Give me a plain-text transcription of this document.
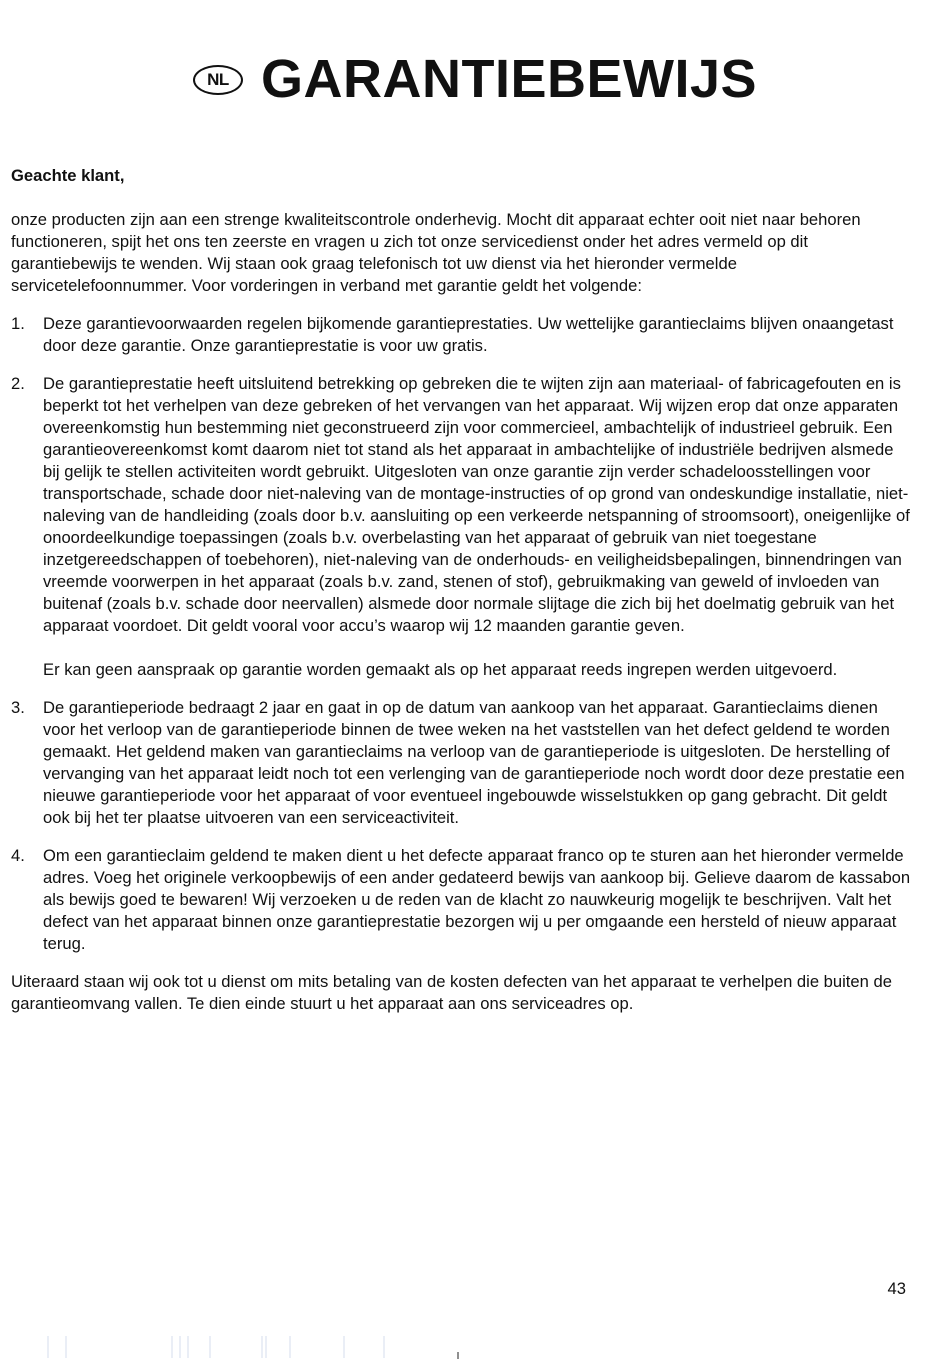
NL GARANTIEBEWIJS

Geachte klant,

onze producten zijn aan een strenge kwaliteitscontrole onderhevig. Mocht dit apparaat echter ooit niet naar behoren functioneren, spijt het ons ten zeerste en vragen u zich tot onze servicedienst onder het adres vermeld op dit garantiebewijs te wenden. Wij staan ook graag telefonisch tot uw dienst via het hieronder vermelde servicetelefoonnummer. Voor vorderingen in verband met garantie geldt het volgende:

1.	Deze garantievoorwaarden regelen bijkomende garantieprestaties. Uw wettelijke garantieclaims blijven onaangetast door deze garantie. Onze garantieprestatie is voor uw gratis.

2.	De garantieprestatie heeft uitsluitend betrekking op gebreken die te wijten zijn aan materiaal- of fabricagefouten en is beperkt tot het verhelpen van deze gebreken of het vervangen van het apparaat. Wij wijzen erop dat onze apparaten overeenkomstig hun bestemming niet geconstrueerd zijn voor commercieel, ambachtelijk of industrieel gebruik. Een garantieovereenkomst komt daarom niet tot stand als het apparaat in ambachtelijke of industriële bedrijven alsmede bij gelijk te stellen activiteiten wordt gebruikt. Uitgesloten van onze garantie zijn verder schadeloosstellingen voor transportschade, schade door niet-naleving van de montage-instructies of op grond van ondeskundige installatie, niet-naleving van de handleiding (zoals door b.v. aansluiting op een verkeerde netspanning of stroomsoort), oneigenlijke of onoordeelkundige toepassingen (zoals b.v. overbelasting van het apparaat of gebruik van niet toegestane inzetgereedschappen of toebehoren), niet-naleving van de onderhouds- en veiligheidsbepalingen, binnendringen van vreemde voorwerpen in het apparaat (zoals b.v. zand, stenen of stof), gebruikmaking van geweld of invloeden van buitenaf (zoals b.v. schade door neervallen) alsmede door normale slijtage die zich bij het doelmatig gebruik van het apparaat voordoet. Dit geldt vooral voor accu’s waarop wij 12 maanden garantie geven.

Er kan geen aanspraak op garantie worden gemaakt als op het apparaat reeds ingrepen werden uitgevoerd.

3.	De garantieperiode bedraagt 2 jaar en gaat in op de datum van aankoop van het apparaat. Garantieclaims dienen voor het verloop van de garantieperiode binnen de twee weken na het vaststellen van het defect geldend te worden gemaakt. Het geldend maken van garantieclaims na verloop van de garantieperiode is uitgesloten. De herstelling of vervanging van het apparaat leidt noch tot een verlenging van de garantieperiode noch wordt door deze prestatie een nieuwe garantieperiode voor het apparaat of voor eventueel ingebouwde wisselstukken op gang gebracht. Dit geldt ook bij het ter plaatse uitvoeren van een serviceactiviteit.

4.	Om een garantieclaim geldend te maken dient u het defecte apparaat franco op te sturen aan het hieronder vermelde adres. Voeg het originele verkoopbewijs of een ander gedateerd bewijs van aankoop bij. Gelieve daarom de kassabon als bewijs goed te bewaren! Wij verzoeken u de reden van de klacht zo nauwkeurig mogelijk te beschrijven. Valt het defect van het apparaat binnen onze garantieprestatie bezorgen wij u per omgaande een hersteld of nieuw apparaat terug.

Uiteraard staan wij ook tot u dienst om mits betaling van de kosten defecten van het apparaat te verhelpen die buiten de garantieomvang vallen. Te dien einde stuurt u het apparaat aan ons serviceadres op.

43
